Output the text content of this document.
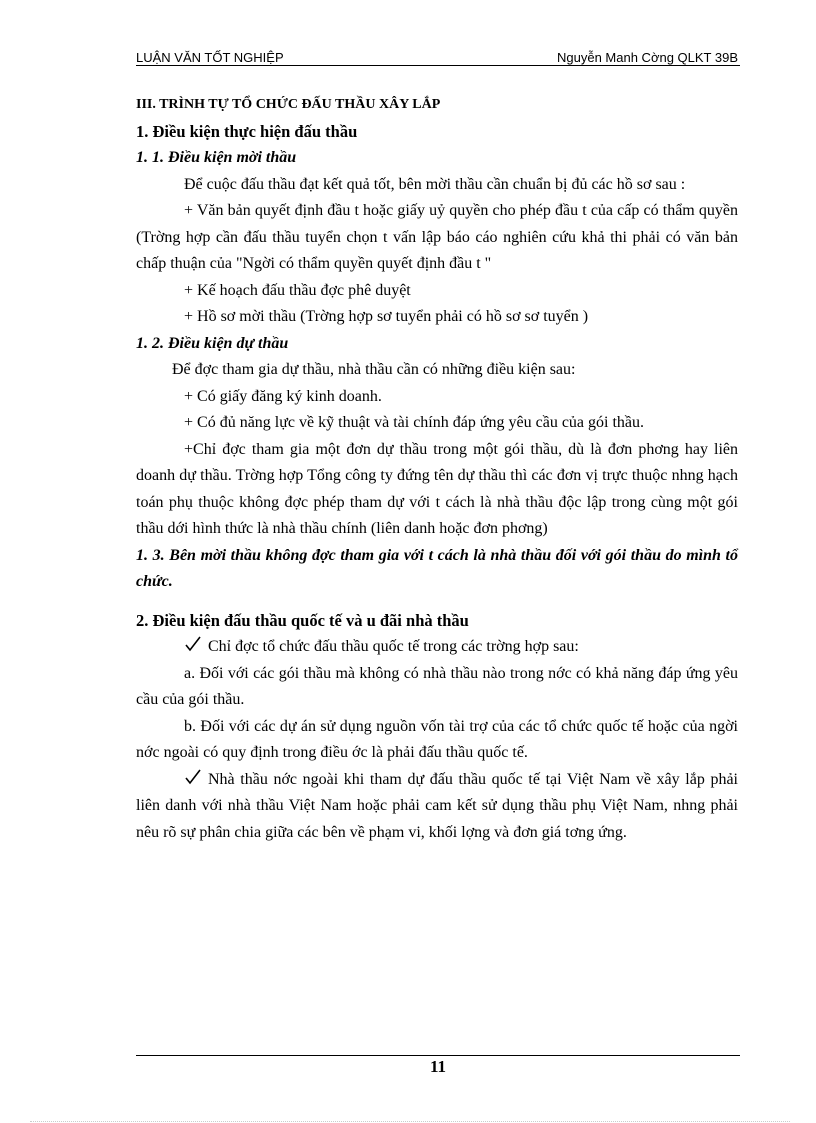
LUẬN VĂN TỐT NGHIỆP	Nguyễn Manh Cờng QLKT 39B

III. TRÌNH TỰ TỔ CHỨC ĐẤU THẦU XÂY LẮP

1. Điều kiện thực hiện đấu thầu

1. 1. Điều kiện mời thầu

Để cuộc đấu thầu đạt kết quả tốt, bên mời thầu cần chuẩn bị đủ các hồ sơ sau :

+ Văn bản quyết định đầu t hoặc giấy uỷ quyền cho phép đầu t của cấp có thẩm quyền (Trờng hợp cần đấu thầu tuyển chọn t vấn lập báo cáo nghiên cứu khả thi phải có văn bản chấp thuận của "Ngời có thẩm quyền quyết định đầu t "

+ Kế hoạch đấu thầu đợc phê duyệt

+ Hồ sơ mời thầu (Trờng hợp sơ tuyển phải có hồ sơ sơ tuyển )

1. 2. Điều kiện dự thầu

Để đợc tham gia dự thầu, nhà thầu cần có những điều kiện sau:

+ Có giấy đăng ký kinh doanh.

+ Có đủ năng lực về kỹ thuật và tài chính đáp ứng yêu cầu của gói thầu.

+Chỉ đợc tham gia một đơn dự thầu trong một gói thầu, dù là đơn phơng hay liên doanh dự thầu. Trờng hợp Tổng công ty đứng tên dự thầu thì các đơn vị trực thuộc nhng hạch toán phụ thuộc không đợc phép tham dự với t cách là nhà thầu độc lập trong cùng một gói thầu dới hình thức là nhà thầu chính (liên danh hoặc đơn phơng)

1. 3. Bên mời thầu không đợc tham gia với t cách là nhà thầu đối với gói thầu do mình tổ chức.

2. Điều kiện đấu thầu quốc tế và u đãi nhà thầu

Chỉ đợc tổ chức đấu thầu quốc tế trong các trờng hợp sau:

a. Đối với các gói thầu mà không có nhà thầu nào trong nớc có khả năng đáp ứng yêu cầu của gói thầu.

b. Đối với các dự án sử dụng nguồn vốn tài trợ của các tổ chức quốc tế hoặc của ngời nớc ngoài có quy định trong điều ớc là phải đấu thầu quốc tế.

Nhà thầu nớc ngoài khi tham dự đấu thầu quốc tế tại Việt Nam về xây lắp phải liên danh với nhà thầu Việt Nam hoặc phải cam kết sử dụng thầu phụ Việt Nam, nhng phải nêu rõ sự phân chia giữa các bên về phạm vi, khối lợng và đơn giá tơng ứng.

11
